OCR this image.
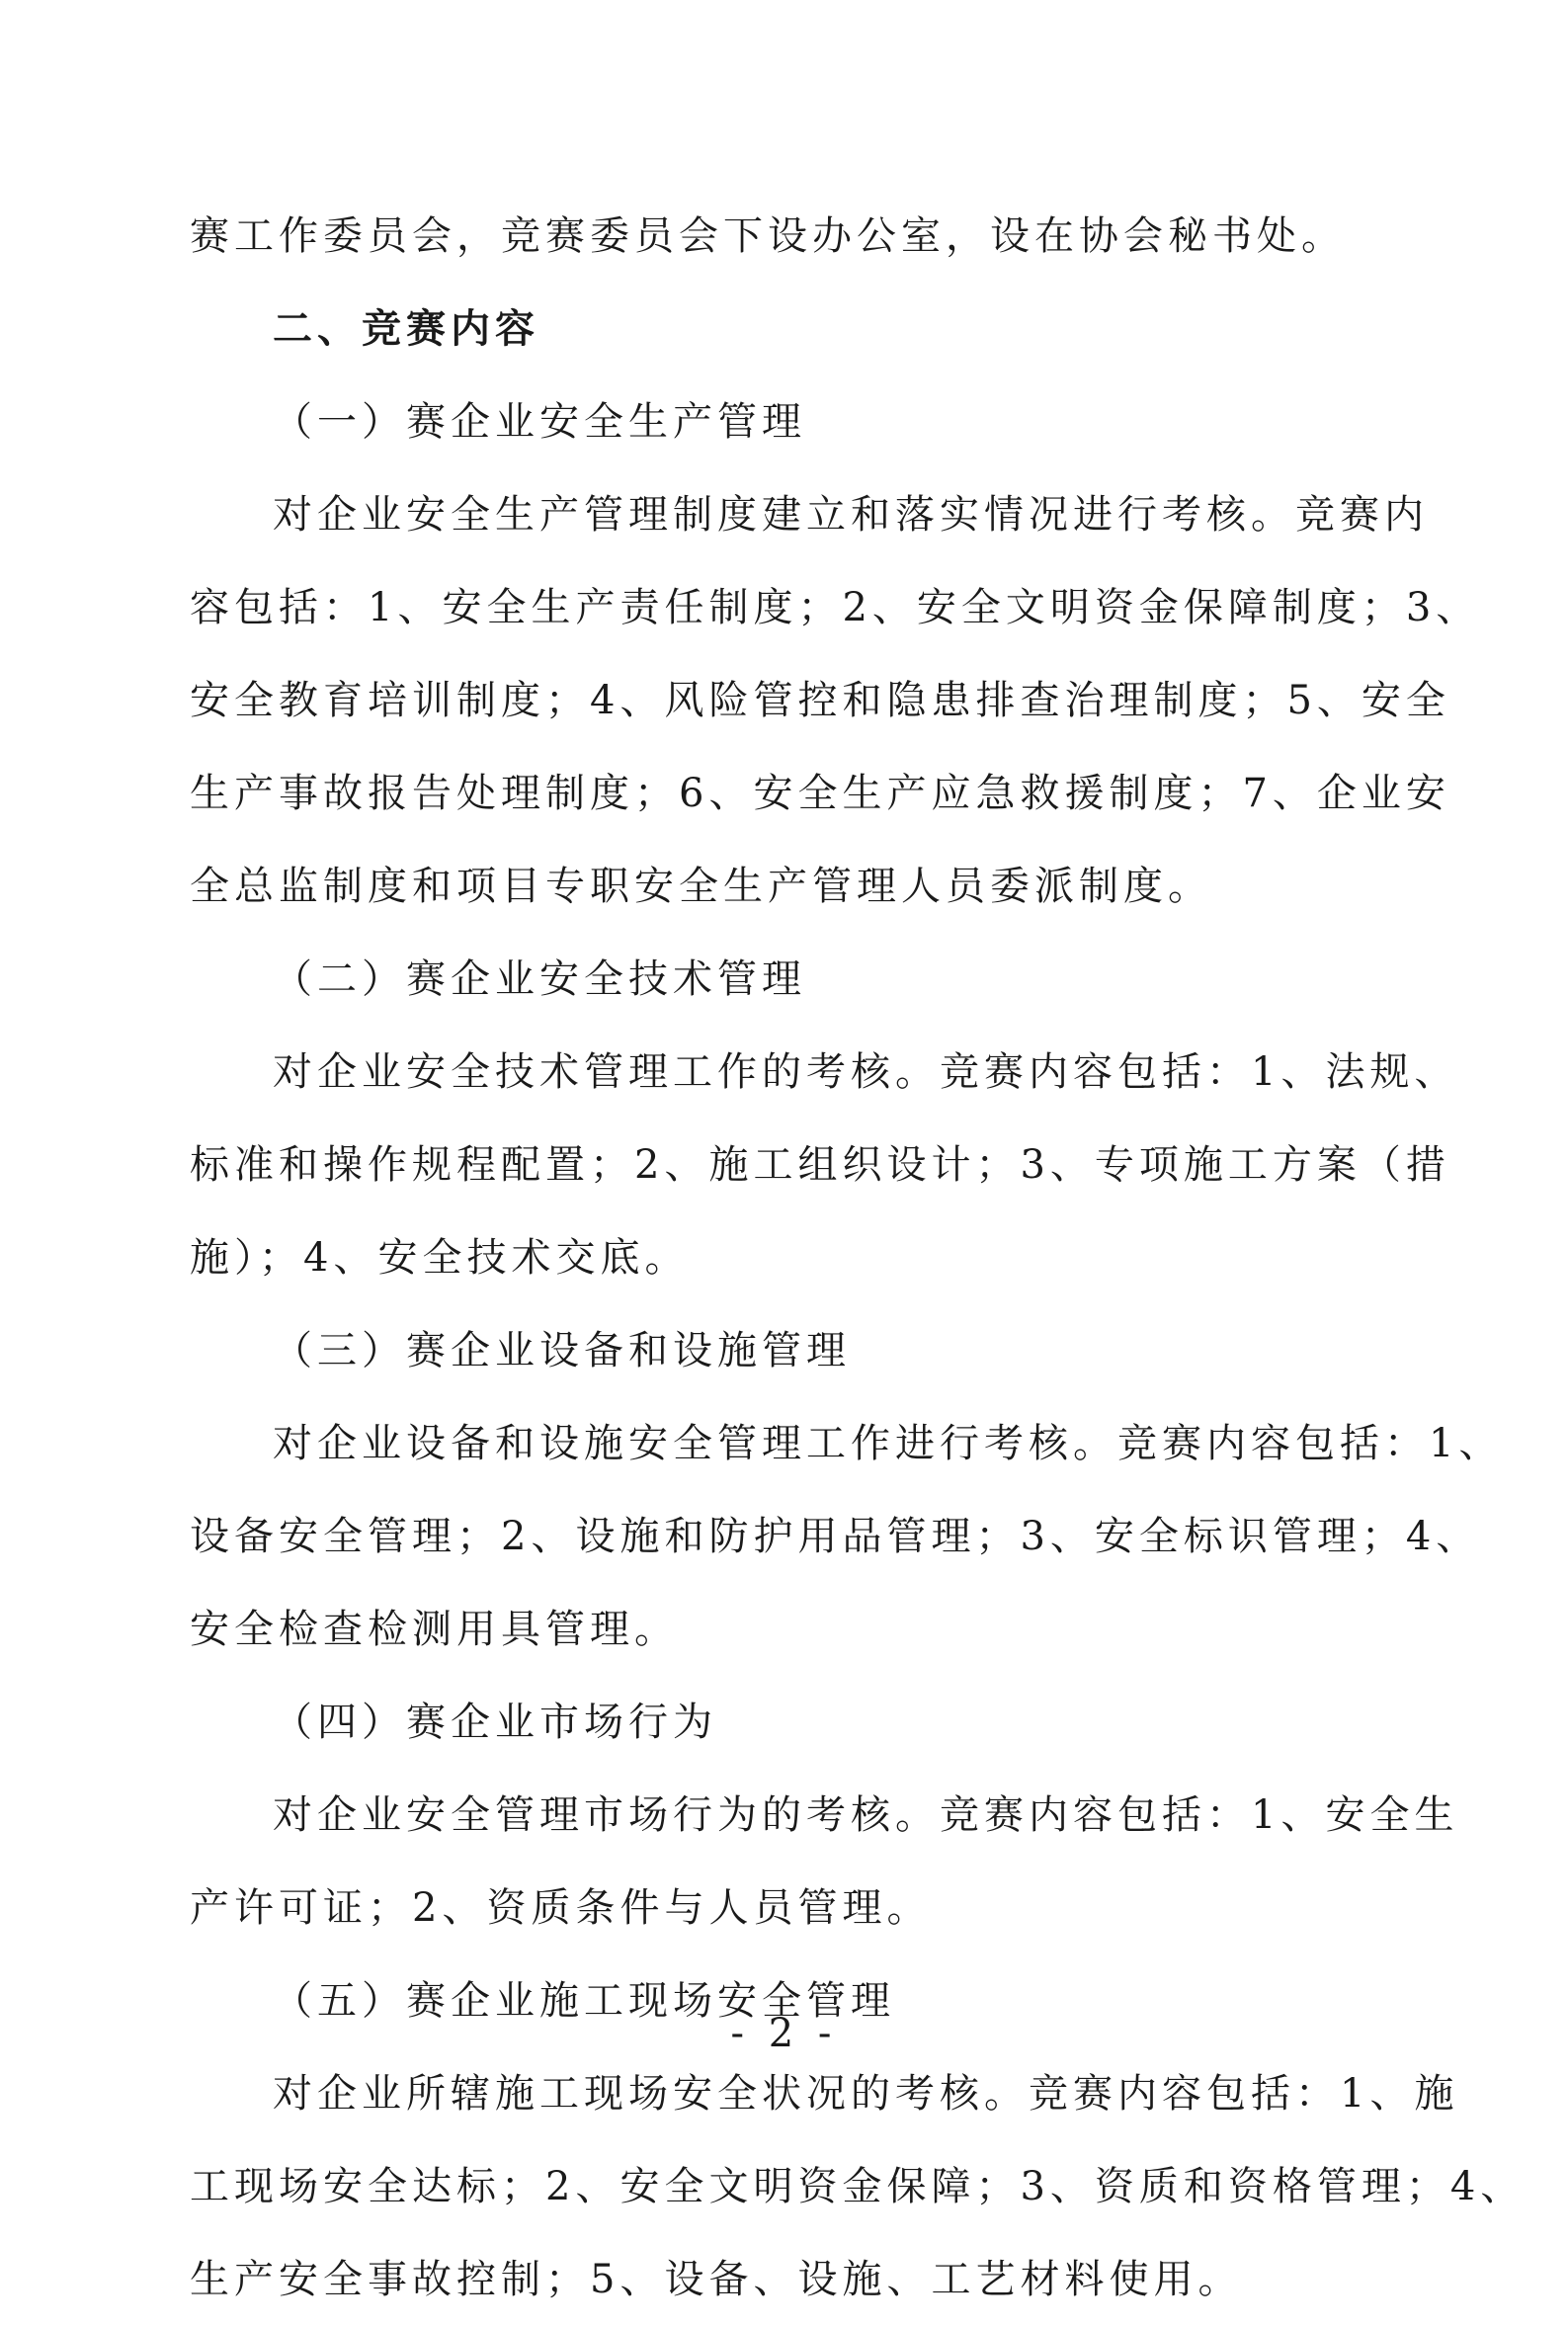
赛工作委员会，竞赛委员会下设办公室，设在协会秘书处。
二、竞赛内容
（一）赛企业安全生产管理
对企业安全生产管理制度建立和落实情况进行考核。竞赛内
容包括：1、安全生产责任制度；2、安全文明资金保障制度；3、
安全教育培训制度；4、风险管控和隐患排查治理制度；5、安全
生产事故报告处理制度；6、安全生产应急救援制度；7、企业安
全总监制度和项目专职安全生产管理人员委派制度。
（二）赛企业安全技术管理
对企业安全技术管理工作的考核。竞赛内容包括：1、法规、
标准和操作规程配置；2、施工组织设计；3、专项施工方案（措
施）；4、安全技术交底。
（三）赛企业设备和设施管理
对企业设备和设施安全管理工作进行考核。竞赛内容包括：1、
设备安全管理；2、设施和防护用品管理；3、安全标识管理；4、
安全检查检测用具管理。
（四）赛企业市场行为
对企业安全管理市场行为的考核。竞赛内容包括：1、安全生
产许可证；2、资质条件与人员管理。
（五）赛企业施工现场安全管理
对企业所辖施工现场安全状况的考核。竞赛内容包括：1、施
工现场安全达标；2、安全文明资金保障；3、资质和资格管理；4、
生产安全事故控制；5、设备、设施、工艺材料使用。
- 2 -
